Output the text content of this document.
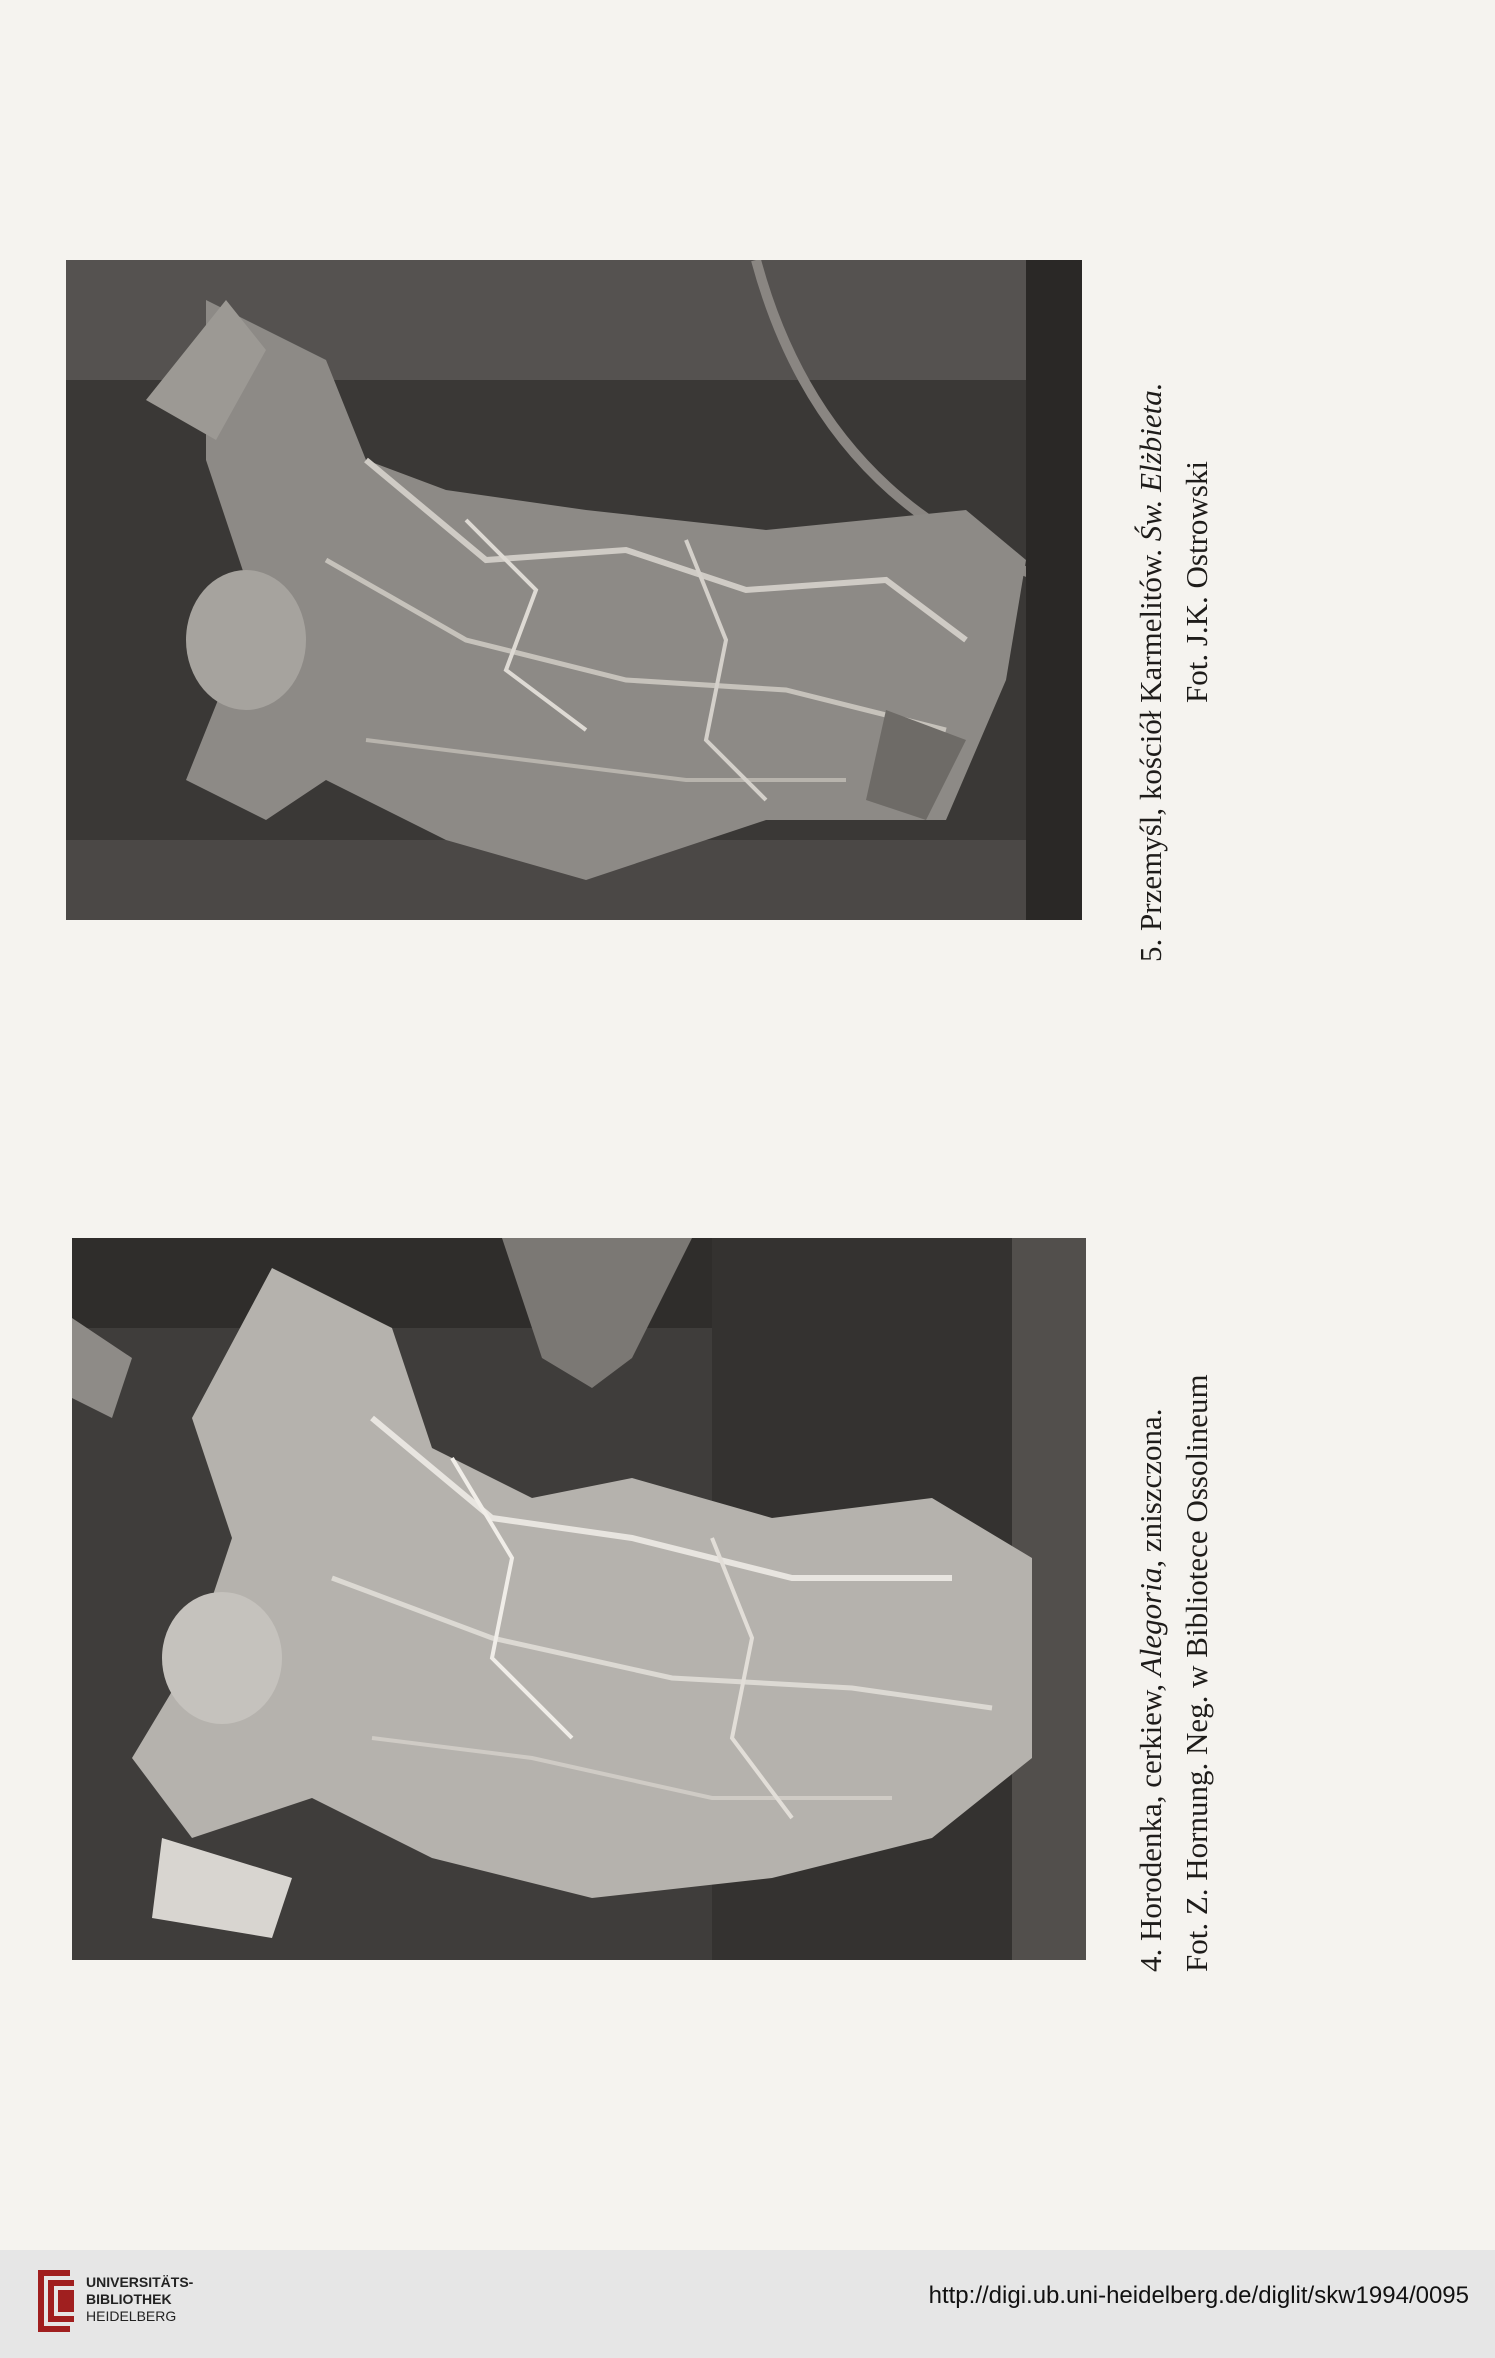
5. Przemyśl, kościół Karmelitów. Św. Elżbieta. Fot. J.K. Ostrowski
4. Horodenka, cerkiew, Alegoria, zniszczona. Fot. Z. Hornung. Neg. w Bibliotece Ossolineum
UNIVERSITÄTS-
BIBLIOTHEK
HEIDELBERG
http://digi.ub.uni-heidelberg.de/diglit/skw1994/0095
